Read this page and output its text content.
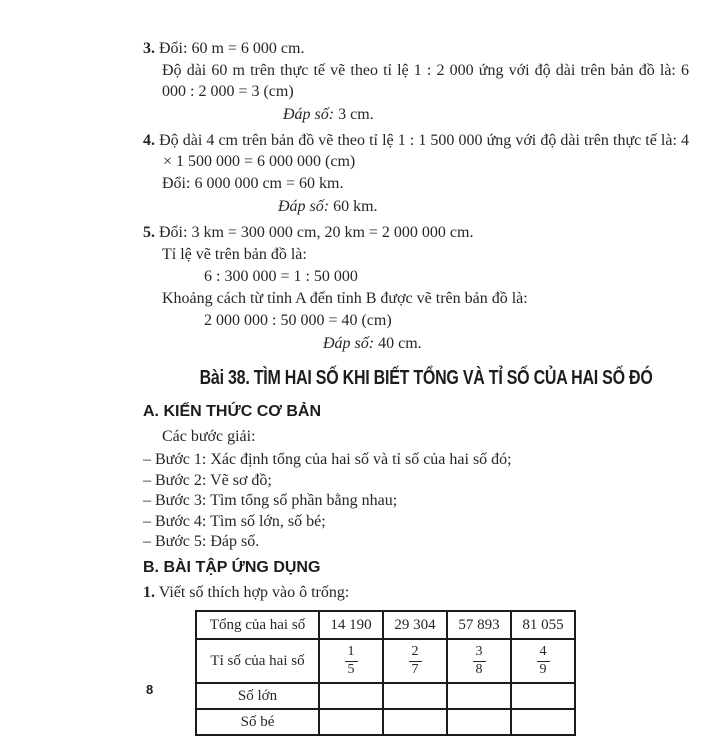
3. Đổi: 60 m = 6 000 cm.

Độ dài 60 m trên thực tế vẽ theo tỉ lệ 1 : 2 000 ứng với độ dài trên bản đồ là: 6 000 : 2 000 = 3 (cm)

Đáp số: 3 cm.

4. Độ dài 4 cm trên bản đồ vẽ theo tỉ lệ 1 : 1 500 000 ứng với độ dài trên thực tế là: 4 × 1 500 000 = 6 000 000 (cm)

Đổi: 6 000 000 cm = 60 km.

Đáp số: 60 km.

5. Đổi: 3 km = 300 000 cm, 20 km = 2 000 000 cm.

Tỉ lệ vẽ trên bản đồ là:

6 : 300 000 = 1 : 50 000

Khoảng cách từ tỉnh A đến tỉnh B được vẽ trên bản đồ là:

2 000 000 : 50 000 = 40 (cm)

Đáp số: 40 cm.

Bài 38. TÌM HAI SỐ KHI BIẾT TỔNG VÀ TỈ SỐ CỦA HAI SỐ ĐÓ
A. KIẾN THỨC CƠ BẢN

Các bước giải:

– Bước 1: Xác định tổng của hai số và tỉ số của hai số đó;

– Bước 2: Vẽ sơ đồ;

– Bước 3: Tìm tổng số phần bằng nhau;

– Bước 4: Tìm số lớn, số bé;

– Bước 5: Đáp số.

B. BÀI TẬP ỨNG DỤNG

1. Viết số thích hợp vào ô trống:

Tổng của hai số	14 190	29 304	57 893	81 055
Tỉ số của hai số	$\frac{1}{5}$	$\frac{2}{7}$	$\frac{3}{8}$	$\frac{4}{9}$

Số lớn				
Số bé				
8
